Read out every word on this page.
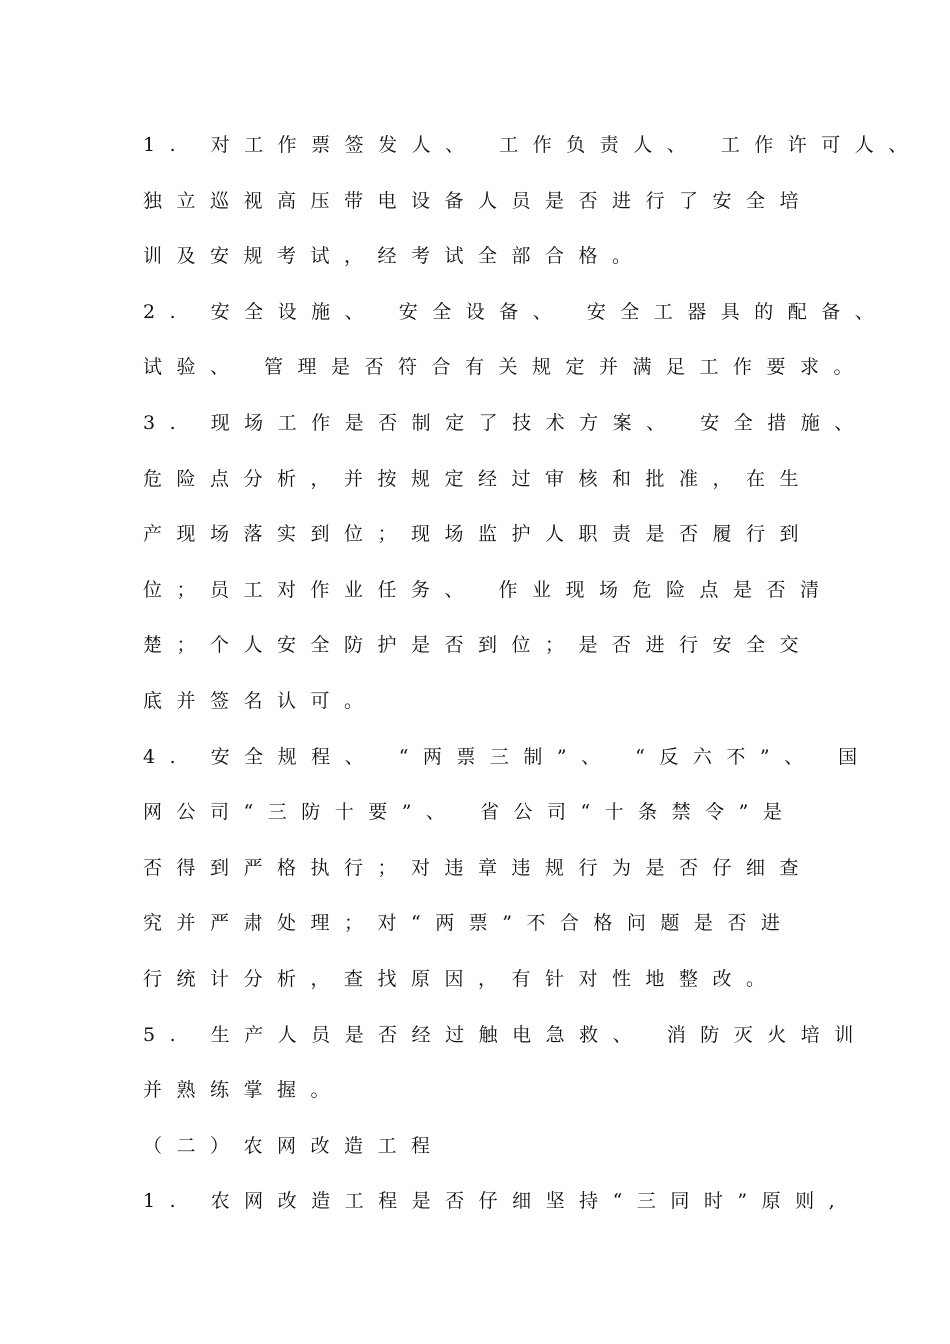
1. 对工作票签发人、 工作负责人、 工作许可人、
独立巡视高压带电设备人员是否进行了安全培
训及安规考试，经考试全部合格。
2. 安全设施、 安全设备、 安全工器具的配备、
试验、 管理是否符合有关规定并满足工作要求。
3. 现场工作是否制定了技术方案、 安全措施、
危险点分析，并按规定经过审核和批准，在生
产现场落实到位；现场监护人职责是否履行到
位；员工对作业任务、 作业现场危险点是否清
楚；个人安全防护是否到位；是否进行安全交
底并签名认可。
4. 安全规程、 “两票三制”、 “反六不”、 国
网公司“三防十要”、 省公司“十条禁令”是
否得到严格执行；对违章违规行为是否仔细查
究并严肃处理；对“两票”不合格问题是否进
行统计分析，查找原因，有针对性地整改。
5. 生产人员是否经过触电急救、 消防灭火培训
并熟练掌握。
（二）农网改造工程
1. 农网改造工程是否仔细坚持“三同时”原则,
